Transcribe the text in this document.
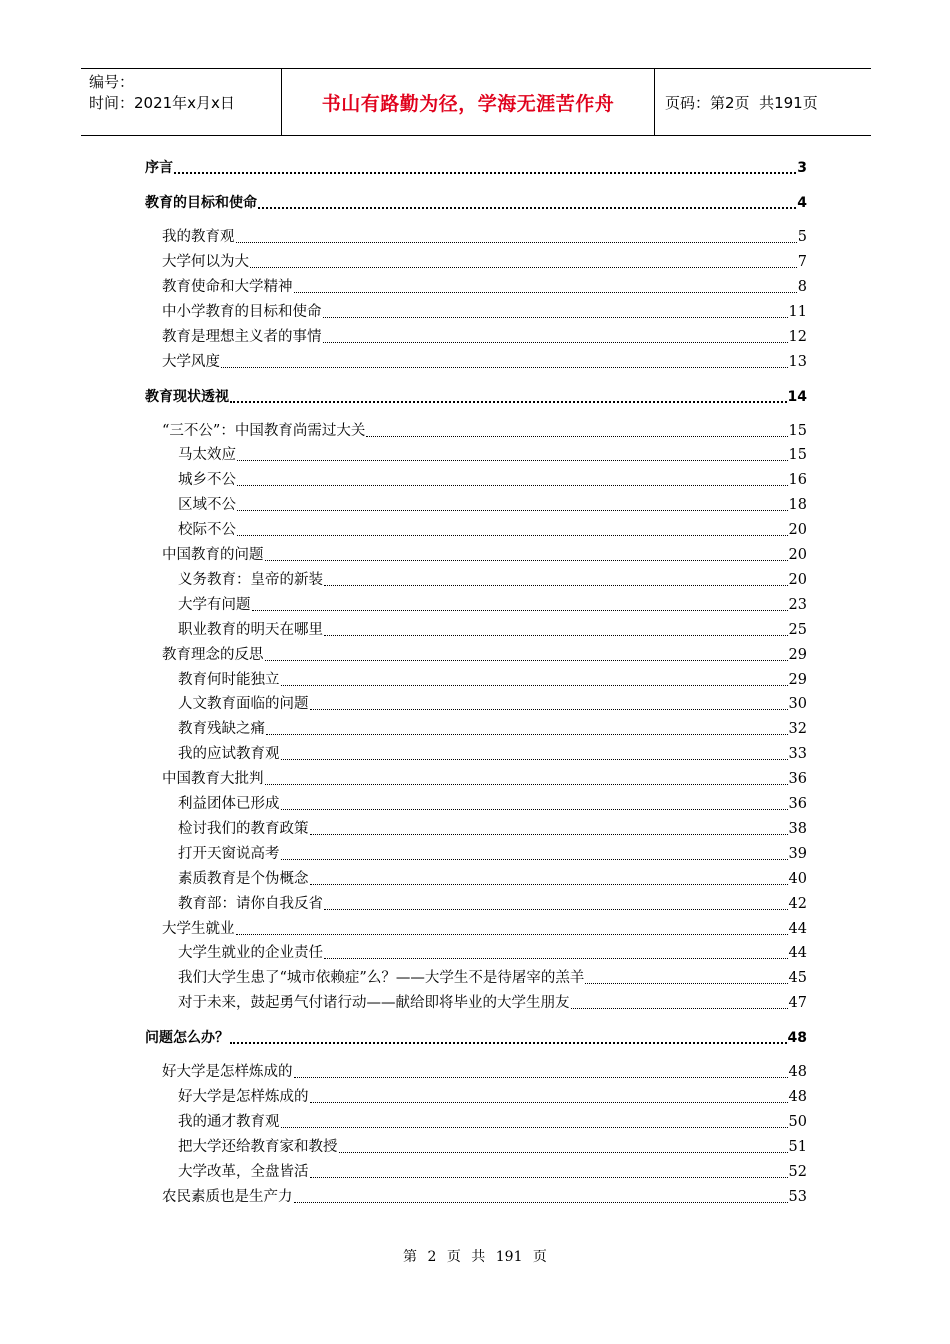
编号：
时间：2021年x月x日	书山有路勤为径，学海无涯苦作舟	页码：第2页  共191页
序言	3
教育的目标和使命	4
我的教育观	5
大学何以为大	7
教育使命和大学精神	8
中小学教育的目标和使命	11
教育是理想主义者的事情	12
大学风度	13
教育现状透视	14
“三不公”：中国教育尚需过大关	15
马太效应	15
城乡不公	16
区域不公	18
校际不公	20
中国教育的问题	20
义务教育：皇帝的新装	20
大学有问题	23
职业教育的明天在哪里	25
教育理念的反思	29
教育何时能独立	29
人文教育面临的问题	30
教育残缺之痛	32
我的应试教育观	33
中国教育大批判	36
利益团体已形成	36
检讨我们的教育政策	38
打开天窗说高考	39
素质教育是个伪概念	40
教育部：请你自我反省	42
大学生就业	44
大学生就业的企业责任	44
我们大学生患了“城市依赖症”么？——大学生不是待屠宰的羔羊	45
对于未来，鼓起勇气付诸行动——献给即将毕业的大学生朋友	47
问题怎么办？	48
好大学是怎样炼成的	48
好大学是怎样炼成的	48
我的通才教育观	50
把大学还给教育家和教授	51
大学改革，全盘皆活	52
农民素质也是生产力	53
第 2 页 共 191 页
